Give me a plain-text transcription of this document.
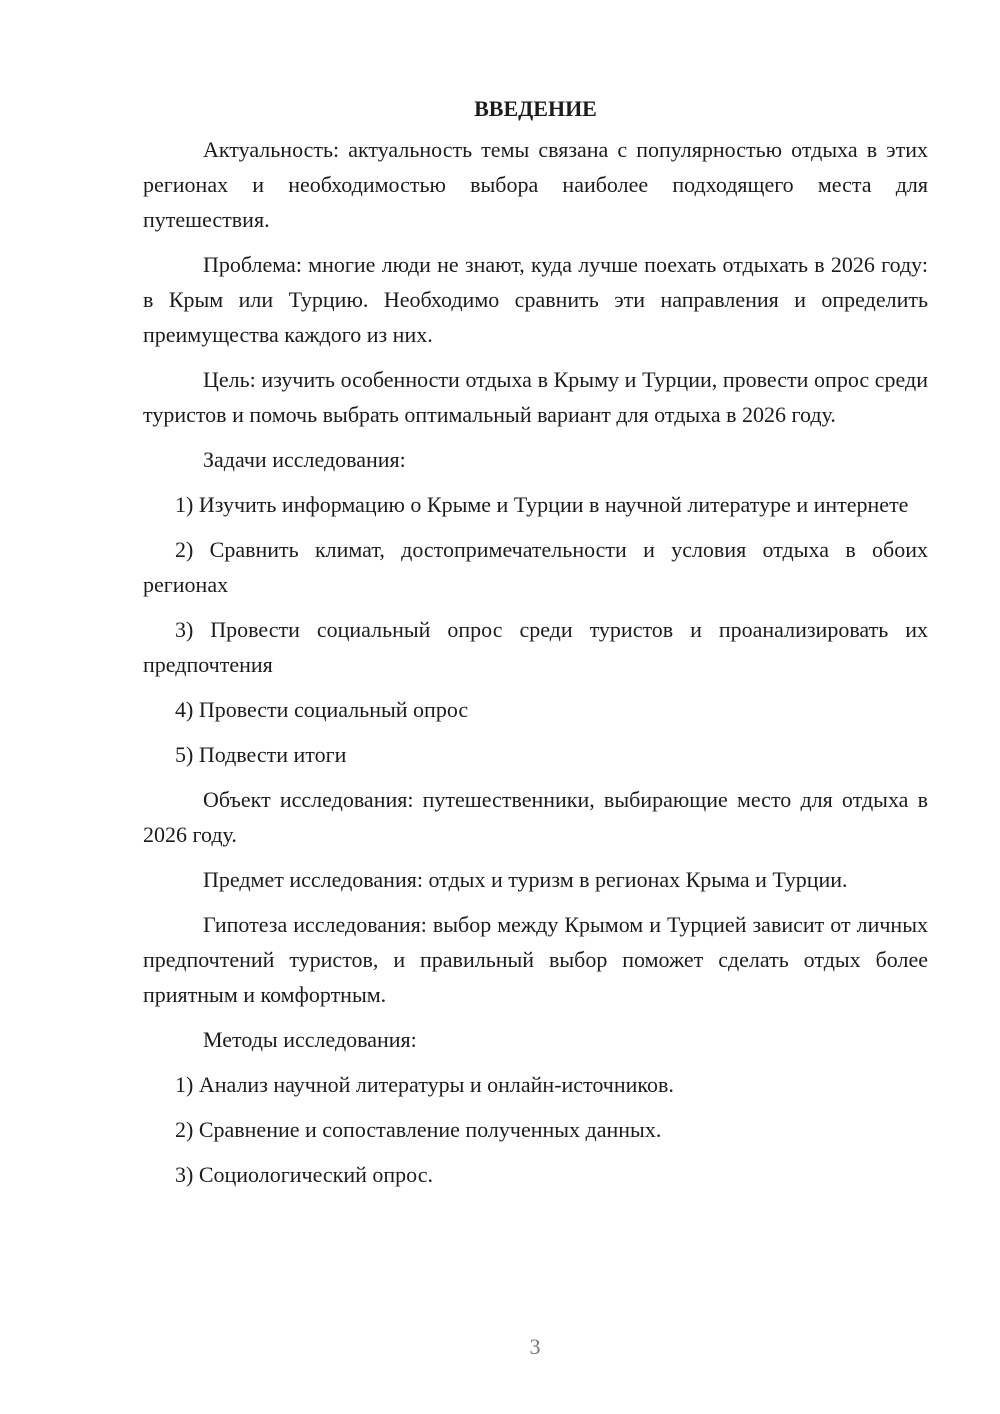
ВВЕДЕНИЕ

Актуальность: актуальность темы связана с популярностью отдыха в этих регионах и необходимостью выбора наиболее подходящего места для путешествия.

Проблема: многие люди не знают, куда лучше поехать отдыхать в 2026 году: в Крым или Турцию. Необходимо сравнить эти направления и определить преимущества каждого из них.

Цель: изучить особенности отдыха в Крыму и Турции, провести опрос среди туристов и помочь выбрать оптимальный вариант для отдыха в 2026 году.

Задачи исследования:

1) Изучить информацию о Крыме и Турции в научной литературе и интернете

2) Сравнить климат, достопримечательности и условия отдыха в обоих регионах

3) Провести социальный опрос среди туристов и проанализировать их предпочтения

4) Провести социальный опрос

5) Подвести итоги

Объект исследования: путешественники, выбирающие место для отдыха в 2026 году.

Предмет исследования: отдых и туризм в регионах Крыма и Турции.

Гипотеза исследования: выбор между Крымом и Турцией зависит от личных предпочтений туристов, и правильный выбор поможет сделать отдых более приятным и комфортным.

Методы исследования:

1) Анализ научной литературы и онлайн-источников.

2) Сравнение и сопоставление полученных данных.

3) Социологический опрос.

3
